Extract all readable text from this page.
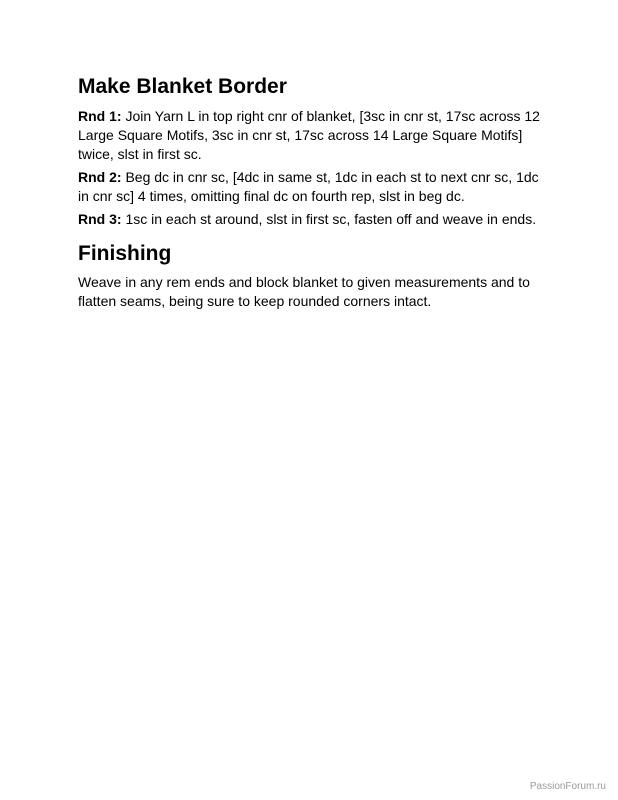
Make Blanket Border

Rnd 1: Join Yarn L in top right cnr of blanket, [3sc in cnr st, 17sc across 12 Large Square Motifs, 3sc in cnr st, 17sc across 14 Large Square Motifs] twice, slst in first sc.

Rnd 2: Beg dc in cnr sc, [4dc in same st, 1dc in each st to next cnr sc, 1dc in cnr sc] 4 times, omitting final dc on fourth rep, slst in beg dc.

Rnd 3: 1sc in each st around, slst in first sc, fasten off and weave in ends.

Finishing

Weave in any rem ends and block blanket to given measurements and to flatten seams, being sure to keep rounded corners intact.

PassionForum.ru
